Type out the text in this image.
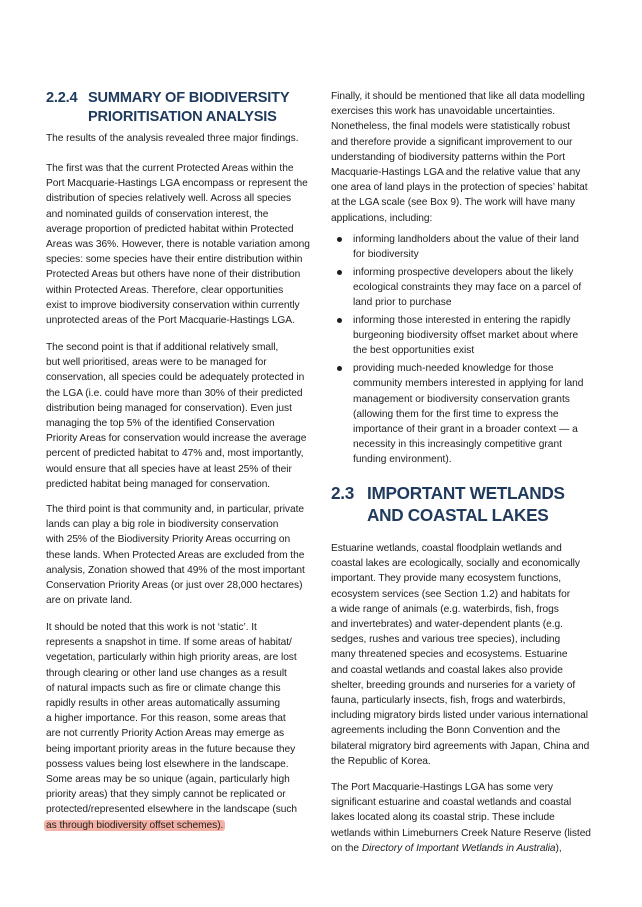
2.2.4 SUMMARY OF BIODIVERSITY
PRIORITISATION ANALYSIS

The results of the analysis revealed three major findings.

The first was that the current Protected Areas within the
Port Macquarie-Hastings LGA encompass or represent the
distribution of species relatively well. Across all species
and nominated guilds of conservation interest, the
average proportion of predicted habitat within Protected
Areas was 36%. However, there is notable variation among
species: some species have their entire distribution within
Protected Areas but others have none of their distribution
within Protected Areas. Therefore, clear opportunities
exist to improve biodiversity conservation within currently
unprotected areas of the Port Macquarie-Hastings LGA.

The second point is that if additional relatively small,
but well prioritised, areas were to be managed for
conservation, all species could be adequately protected in
the LGA (i.e. could have more than 30% of their predicted
distribution being managed for conservation). Even just
managing the top 5% of the identified Conservation
Priority Areas for conservation would increase the average
percent of predicted habitat to 47% and, most importantly,
would ensure that all species have at least 25% of their
predicted habitat being managed for conservation.

The third point is that community and, in particular, private
lands can play a big role in biodiversity conservation
with 25% of the Biodiversity Priority Areas occurring on
these lands. When Protected Areas are excluded from the
analysis, Zonation showed that 49% of the most important
Conservation Priority Areas (or just over 28,000 hectares)
are on private land.

It should be noted that this work is not ‘static’. It
represents a snapshot in time. If some areas of habitat/
vegetation, particularly within high priority areas, are lost
through clearing or other land use changes as a result
of natural impacts such as fire or climate change this
rapidly results in other areas automatically assuming
a higher importance. For this reason, some areas that
are not currently Priority Action Areas may emerge as
being important priority areas in the future because they
possess values being lost elsewhere in the landscape.
Some areas may be so unique (again, particularly high
priority areas) that they simply cannot be replicated or
protected/represented elsewhere in the landscape (such
as through biodiversity offset schemes).

Finally, it should be mentioned that like all data modelling
exercises this work has unavoidable uncertainties.
Nonetheless, the final models were statistically robust
and therefore provide a significant improvement to our
understanding of biodiversity patterns within the Port
Macquarie-Hastings LGA and the relative value that any
one area of land plays in the protection of species’ habitat
at the LGA scale (see Box 9). The work will have many
applications, including:

informing landholders about the value of their land
for biodiversity
informing prospective developers about the likely
ecological constraints they may face on a parcel of
land prior to purchase
informing those interested in entering the rapidly
burgeoning biodiversity offset market about where
the best opportunities exist
providing much-needed knowledge for those
community members interested in applying for land
management or biodiversity conservation grants
(allowing them for the first time to express the
importance of their grant in a broader context — a
necessity in this increasingly competitive grant
funding environment).
2.3 IMPORTANT WETLANDS
AND COASTAL LAKES

Estuarine wetlands, coastal floodplain wetlands and
coastal lakes are ecologically, socially and economically
important. They provide many ecosystem functions,
ecosystem services (see Section 1.2) and habitats for
a wide range of animals (e.g. waterbirds, fish, frogs
and invertebrates) and water-dependent plants (e.g.
sedges, rushes and various tree species), including
many threatened species and ecosystems. Estuarine
and coastal wetlands and coastal lakes also provide
shelter, breeding grounds and nurseries for a variety of
fauna, particularly insects, fish, frogs and waterbirds,
including migratory birds listed under various international
agreements including the Bonn Convention and the
bilateral migratory bird agreements with Japan, China and
the Republic of Korea.

The Port Macquarie-Hastings LGA has some very
significant estuarine and coastal wetlands and coastal
lakes located along its coastal strip. These include
wetlands within Limeburners Creek Nature Reserve (listed
on the Directory of Important Wetlands in Australia),
